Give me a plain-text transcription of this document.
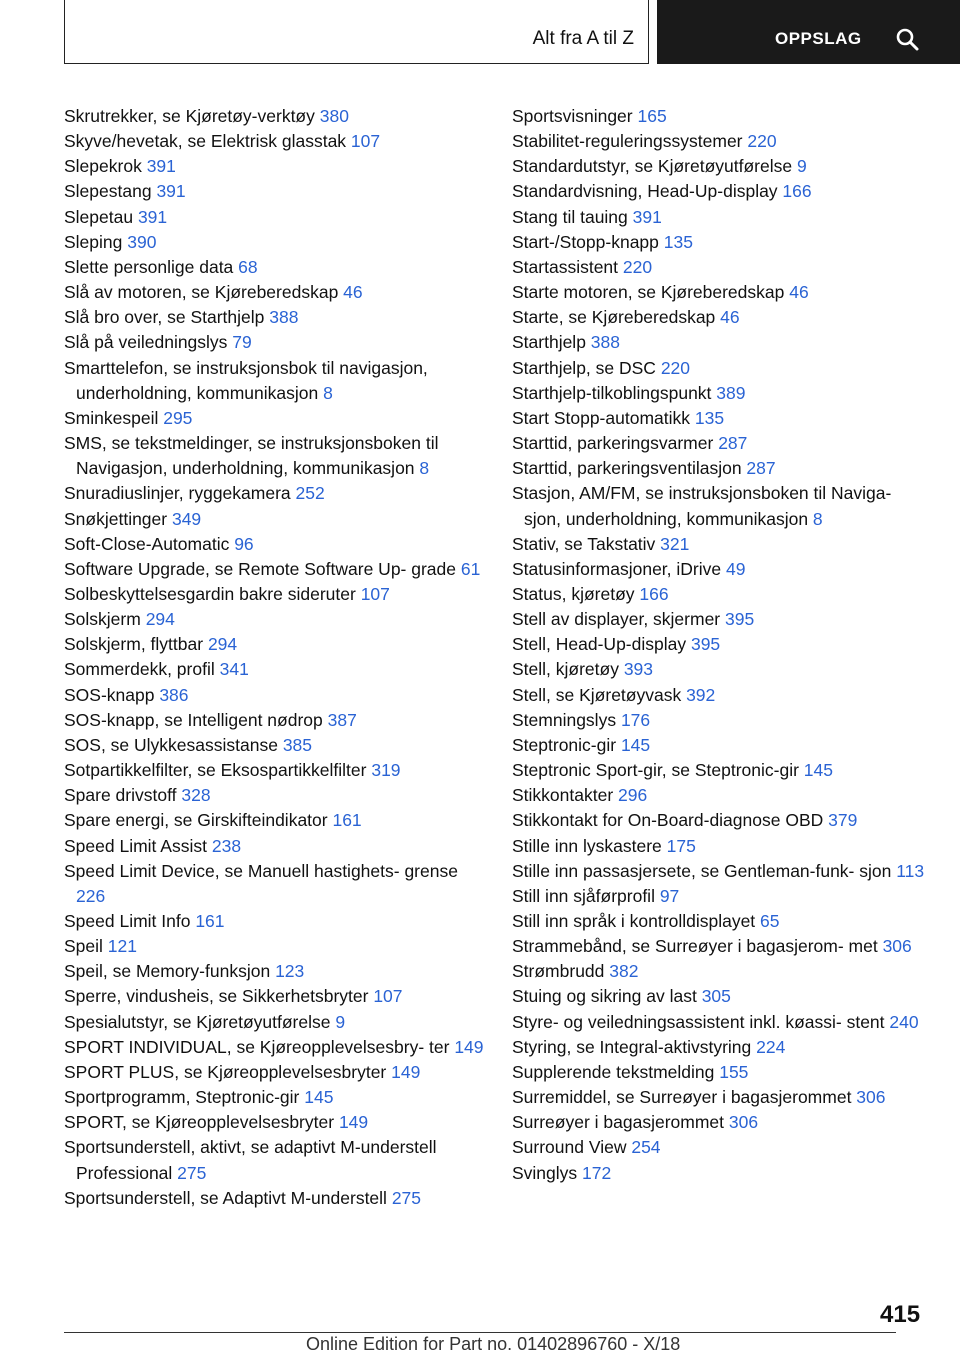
Alt fra A til Z	OPPSLAG
Skrutrekker, se Kjøretøy-verktøy 380
Skyve/hevetak, se Elektrisk glasstak 107
Slepekrok 391
Slepestang 391
Slepetau 391
Sleping 390
Slette personlige data 68
Slå av motoren, se Kjøreberedskap 46
Slå bro over, se Starthjelp 388
Slå på veiledningslys 79
Smarttelefon, se instruksjonsbok til navigasjon, underholdning, kommunikasjon 8
Sminkespeil 295
SMS, se tekstmeldinger, se instruksjonsboken til Navigasjon, underholdning, kommunikasjon 8
Snuradiuslinjer, ryggekamera 252
Snøkjettinger 349
Soft-Close-Automatic 96
Software Upgrade, se Remote Software Up‐ grade 61
Solbeskyttelsesgardin bakre sideruter 107
Solskjerm 294
Solskjerm, flyttbar 294
Sommerdekk, profil 341
SOS-knapp 386
SOS-knapp, se Intelligent nødrop 387
SOS, se Ulykkesassistanse 385
Sotpartikkelfilter, se Eksospartikkelfilter 319
Spare drivstoff 328
Spare energi, se Girskifteindikator 161
Speed Limit Assist 238
Speed Limit Device, se Manuell hastighets‐ grense 226
Speed Limit Info 161
Speil 121
Speil, se Memory-funksjon 123
Sperre, vindusheis, se Sikkerhetsbryter 107
Spesialutstyr, se Kjøretøyutførelse 9
SPORT INDIVIDUAL, se Kjøreopplevelsesbry‐ ter 149
SPORT PLUS, se Kjøreopplevelsesbryter 149
Sportprogramm, Steptronic-gir 145
SPORT, se Kjøreopplevelsesbryter 149
Sportsunderstell, aktivt, se adaptivt M-understell Professional 275
Sportsunderstell, se Adaptivt M-understell 275
Sportsvisninger 165
Stabilitet-reguleringssystemer 220
Standardutstyr, se Kjøretøyutførelse 9
Standardvisning, Head-Up-display 166
Stang til tauing 391
Start-/Stopp-knapp 135
Startassistent 220
Starte motoren, se Kjøreberedskap 46
Starte, se Kjøreberedskap 46
Starthjelp 388
Starthjelp, se DSC 220
Starthjelp-tilkoblingspunkt 389
Start Stopp-automatikk 135
Starttid, parkeringsvarmer 287
Starttid, parkeringsventilasjon 287
Stasjon, AM/FM, se instruksjonsboken til Naviga‐ sjon, underholdning, kommunikasjon 8
Stativ, se Takstativ 321
Statusinformasjoner, iDrive 49
Status, kjøretøy 166
Stell av displayer, skjermer 395
Stell, Head-Up-display 395
Stell, kjøretøy 393
Stell, se Kjøretøyvask 392
Stemningslys 176
Steptronic-gir 145
Steptronic Sport-gir, se Steptronic-gir 145
Stikkontakter 296
Stikkontakt for On-Board-diagnose OBD 379
Stille inn lyskastere 175
Stille inn passasjersete, se Gentleman-funk‐ sjon 113
Still inn sjåførprofil 97
Still inn språk i kontrolldisplayet 65
Strammebånd, se Surreøyer i bagasjerom‐ met 306
Strømbrudd 382
Stuing og sikring av last 305
Styre- og veiledningsassistent inkl. køassi‐ stent 240
Styring, se Integral-aktivstyring 224
Supplerende tekstmelding 155
Surremiddel, se Surreøyer i bagasjerommet 306
Surreøyer i bagasjerommet 306
Surround View 254
Svinglys 172
415
Online Edition for Part no. 01402896760 - X/18
